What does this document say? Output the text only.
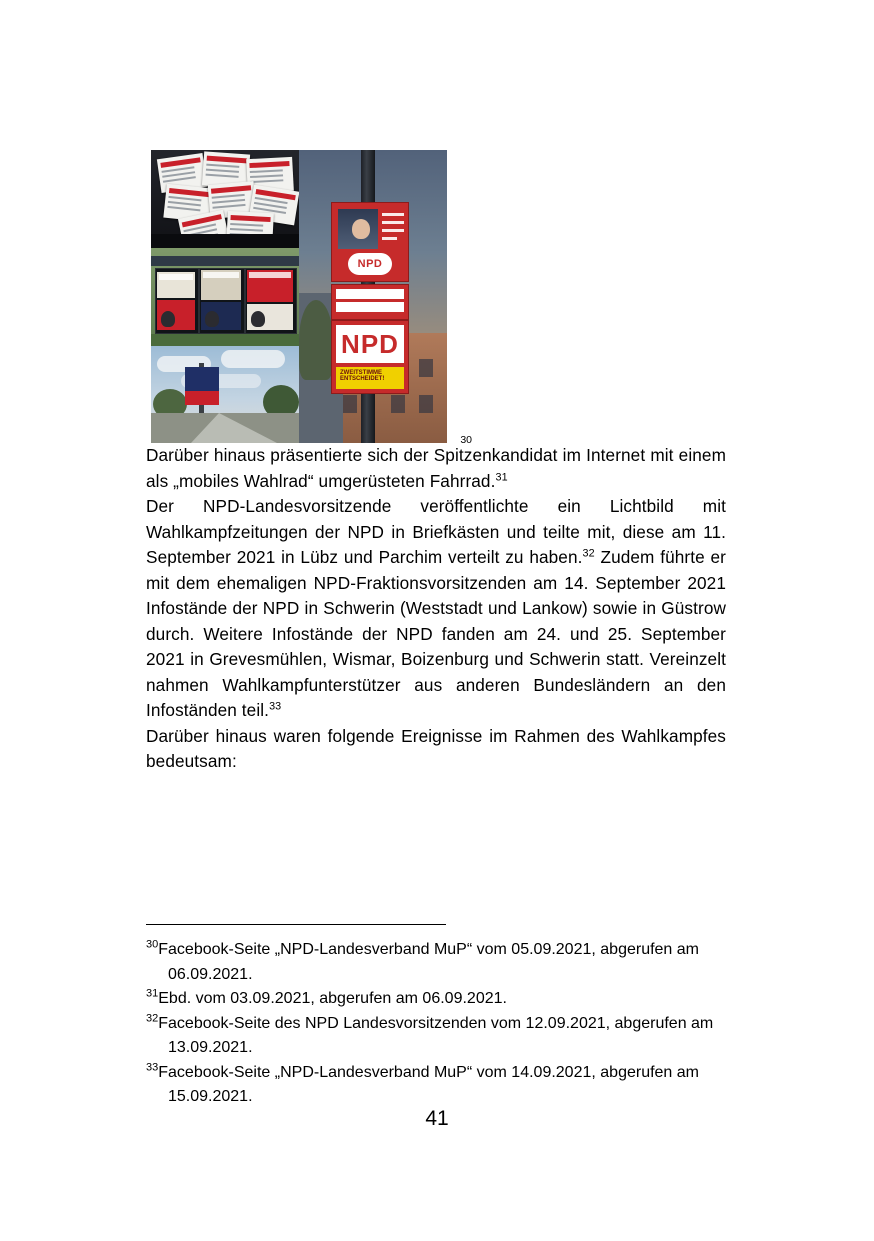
NPD
NPD
ZWEITSTIMME ENTSCHEIDET!
30

Darüber hinaus präsentierte sich der Spitzenkandidat im Internet mit einem als „mobiles Wahlrad“ umgerüsteten Fahrrad.$^{31}$

Der NPD-Landesvorsitzende veröffentlichte ein Lichtbild mit Wahlkampfzeitungen der NPD in Briefkästen und teilte mit, diese am 11. September 2021 in Lübz und Parchim verteilt zu haben.$^{32}$ Zudem führte er mit dem ehemaligen NPD-Fraktionsvorsitzenden am 14. September 2021 Infostände der NPD in Schwerin (Weststadt und Lankow) sowie in Güstrow durch. Weitere Infostände der NPD fanden am 24. und 25. September 2021 in Grevesmühlen, Wismar, Boizenburg und Schwerin statt. Vereinzelt nahmen Wahlkampfunterstützer aus anderen Bundesländern an den Infoständen teil.$^{33}$

Darüber hinaus waren folgende Ereignisse im Rahmen des Wahlkampfes bedeutsam:

$^{30}$Facebook-Seite „NPD-Landesverband MuP“ vom 05.09.2021, abgerufen am 06.09.2021.

$^{31}$Ebd. vom 03.09.2021, abgerufen am 06.09.2021.

$^{32}$Facebook-Seite des NPD Landesvorsitzenden vom 12.09.2021, abgerufen am 13.09.2021.

$^{33}$Facebook-Seite „NPD-Landesverband MuP“ vom 14.09.2021, abgerufen am 15.09.2021.

41
